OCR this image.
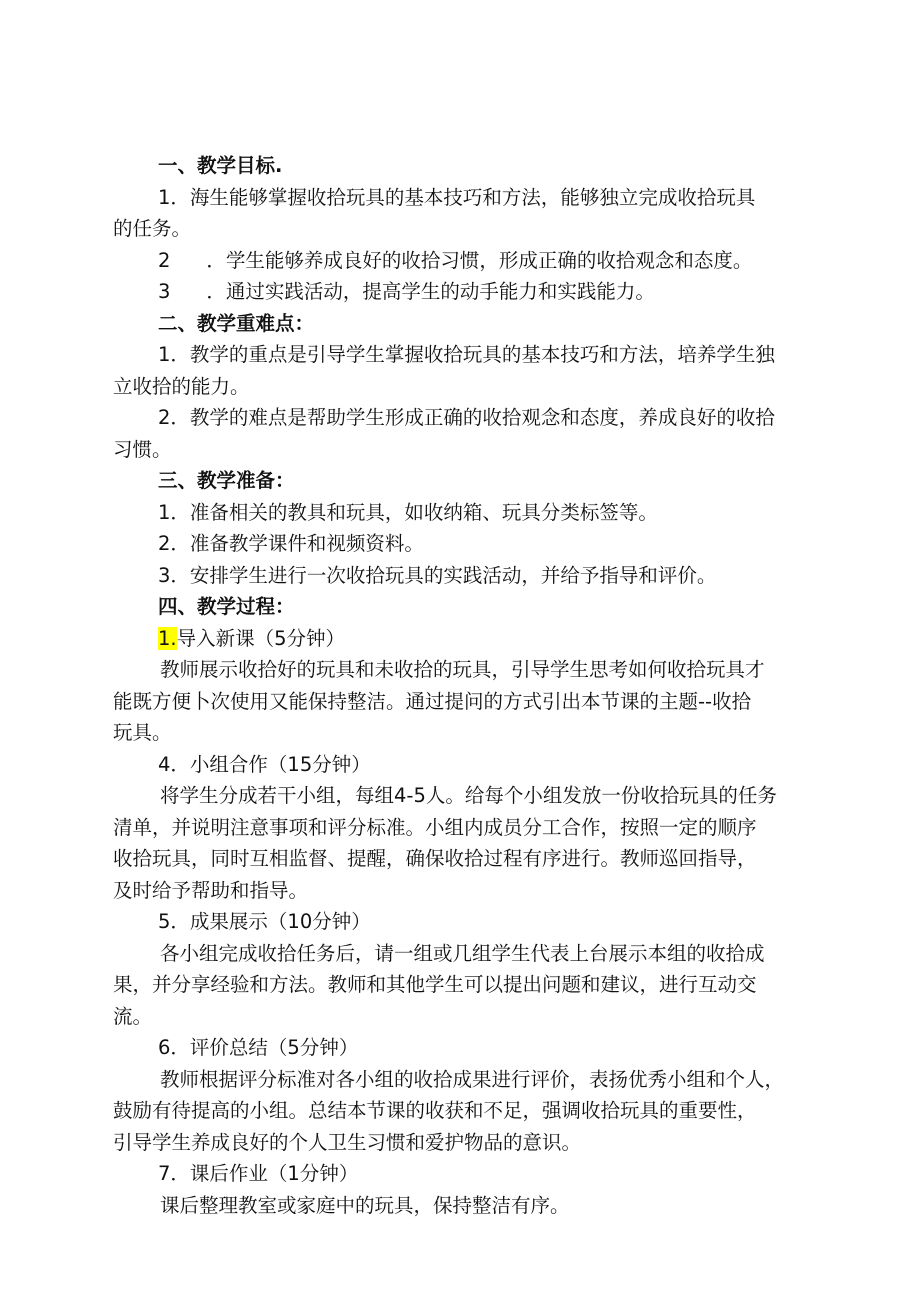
一、教学目标.
1．海生能够掌握收拾玩具的基本技巧和方法，能够独立完成收拾玩具
的任务。
2 ．学生能够养成良好的收拾习惯，形成正确的收拾观念和态度。
3 ．通过实践活动，提高学生的动手能力和实践能力。
二、教学重难点：
1．教学的重点是引导学生掌握收拾玩具的基本技巧和方法，培养学生独
立收拾的能力。
2．教学的难点是帮助学生形成正确的收拾观念和态度，养成良好的收拾
习惯。
三、教学准备：
1．准备相关的教具和玩具，如收纳箱、玩具分类标签等。
2．准备教学课件和视频资料。
3．安排学生进行一次收拾玩具的实践活动，并给予指导和评价。
四、教学过程：
1.导入新课（5分钟）
教师展示收拾好的玩具和未收拾的玩具，引导学生思考如何收拾玩具才
能既方便卜次使用又能保持整洁。通过提问的方式引出本节课的主题--收拾
玩具。
4．小组合作（15分钟）
将学生分成若干小组，每组4-5人。给每个小组发放一份收拾玩具的任务
清单，并说明注意事项和评分标准。小组内成员分工合作，按照一定的顺序
收拾玩具，同时互相监督、提醒，确保收拾过程有序进行。教师巡回指导，
及时给予帮助和指导。
5．成果展示（10分钟）
各小组完成收拾任务后，请一组或几组学生代表上台展示本组的收拾成
果，并分享经验和方法。教师和其他学生可以提出问题和建议，进行互动交
流。
6．评价总结（5分钟）
教师根据评分标准对各小组的收拾成果进行评价，表扬优秀小组和个人，
鼓励有待提高的小组。总结本节课的收获和不足，强调收拾玩具的重要性，
引导学生养成良好的个人卫生习惯和爱护物品的意识。
7．课后作业（1分钟）
课后整理教室或家庭中的玩具，保持整洁有序。
